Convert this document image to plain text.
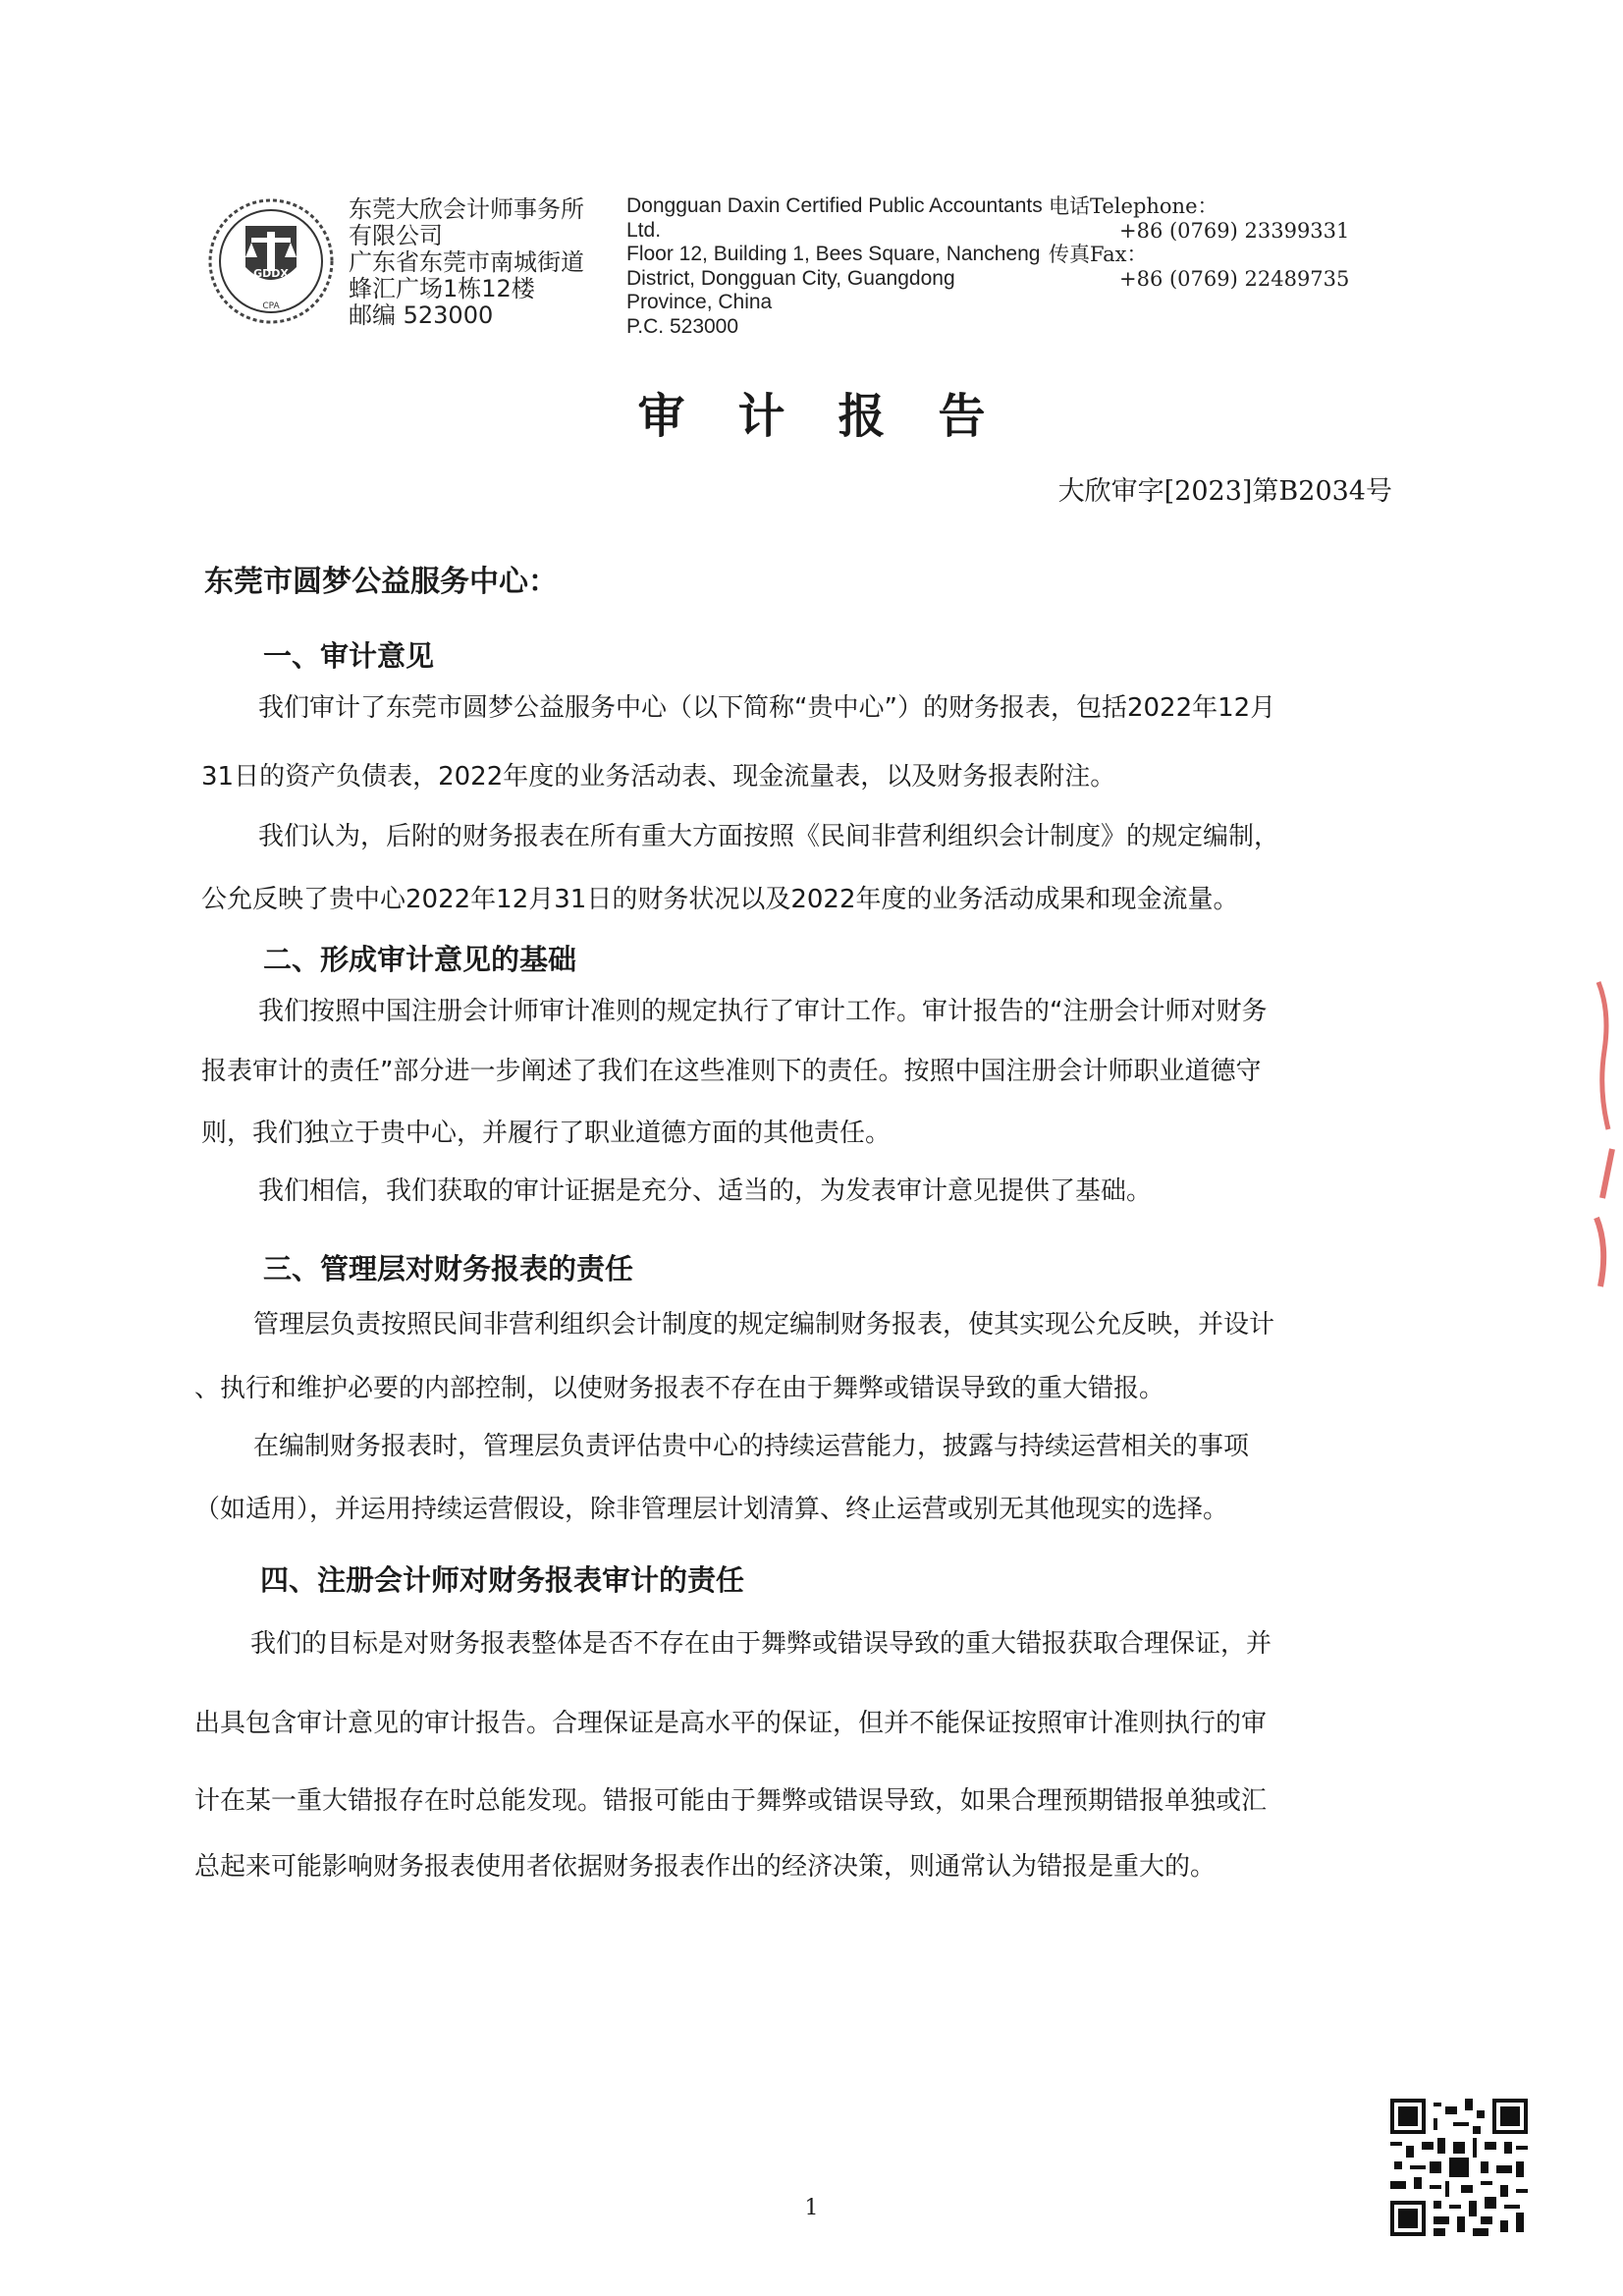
GDDX
CPA
东莞大欣会计师事务所
有限公司
广东省东莞市南城街道
蜂汇广场1栋12楼
邮编 523000
Dongguan Daxin Certified Public Accountants
Ltd.
Floor 12, Building 1, Bees Square, Nancheng
District, Dongguan City, Guangdong
Province, China
P.C. 523000
电话Telephone：
+86 (0769) 23399331
传真Fax：
+86 (0769) 22489735
审计报告
大欣审字[2023]第B2034号
东莞市圆梦公益服务中心：
一、审计意见
我们审计了东莞市圆梦公益服务中心（以下简称“贵中心”）的财务报表，包括2022年12月
31日的资产负债表，2022年度的业务活动表、现金流量表，以及财务报表附注。
我们认为，后附的财务报表在所有重大方面按照《民间非营利组织会计制度》的规定编制，
公允反映了贵中心2022年12月31日的财务状况以及2022年度的业务活动成果和现金流量。
二、形成审计意见的基础
我们按照中国注册会计师审计准则的规定执行了审计工作。审计报告的“注册会计师对财务
报表审计的责任”部分进一步阐述了我们在这些准则下的责任。按照中国注册会计师职业道德守
则，我们独立于贵中心，并履行了职业道德方面的其他责任。
我们相信，我们获取的审计证据是充分、适当的，为发表审计意见提供了基础。
三、管理层对财务报表的责任
管理层负责按照民间非营利组织会计制度的规定编制财务报表，使其实现公允反映，并设计
、执行和维护必要的内部控制，以使财务报表不存在由于舞弊或错误导致的重大错报。
在编制财务报表时，管理层负责评估贵中心的持续运营能力，披露与持续运营相关的事项
（如适用），并运用持续运营假设，除非管理层计划清算、终止运营或别无其他现实的选择。
四、注册会计师对财务报表审计的责任
我们的目标是对财务报表整体是否不存在由于舞弊或错误导致的重大错报获取合理保证，并
出具包含审计意见的审计报告。合理保证是高水平的保证，但并不能保证按照审计准则执行的审
计在某一重大错报存在时总能发现。错报可能由于舞弊或错误导致，如果合理预期错报单独或汇
总起来可能影响财务报表使用者依据财务报表作出的经济决策，则通常认为错报是重大的。
1
